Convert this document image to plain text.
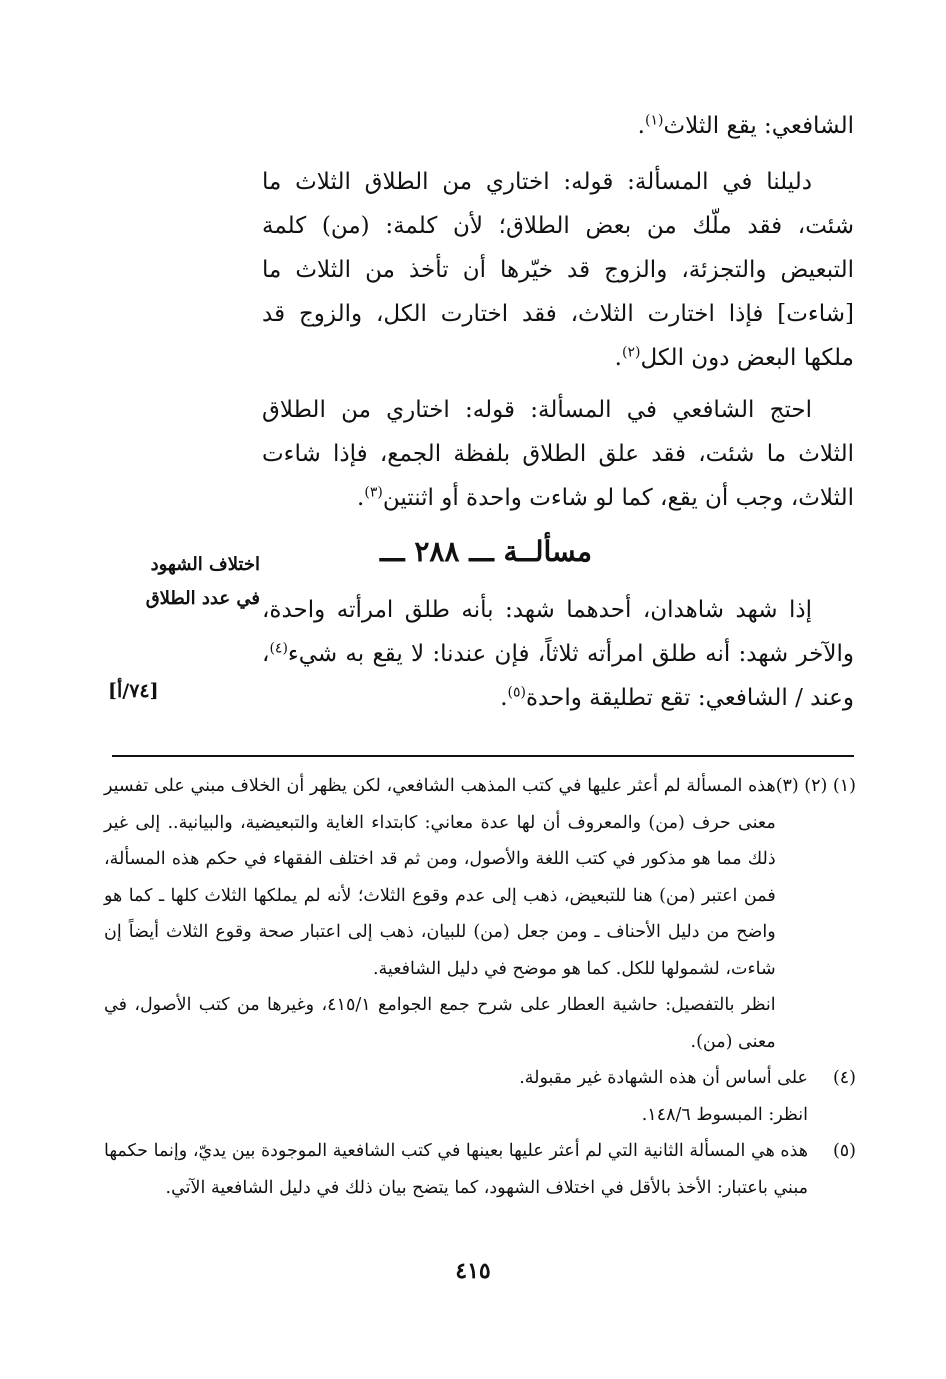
الشافعي: يقع الثلاث$^{(١)}$.

دليلنا في المسألة: قوله: اختاري من الطلاق الثلاث ما شئت، فقد ملّك من بعض الطلاق؛ لأن كلمة: (من) كلمة التبعيض والتجزئة، والزوج قد خيّرها أن تأخذ من الثلاث ما [شاءت] فإذا اختارت الثلاث، فقد اختارت الكل، والزوج قد ملكها البعض دون الكل$^{(٢)}$.

احتج الشافعي في المسألة: قوله: اختاري من الطلاق الثلاث ما شئت، فقد علق الطلاق بلفظة الجمع، فإذا شاءت الثلاث، وجب أن يقع، كما لو شاءت واحدة أو اثنتين$^{(٣)}$.

مسألــة ـــ ٢٨٨ ـــ
اختلاف الشهود
في عدد الطلاق إذا شهد شاهدان، أحدهما شهد: بأنه طلق امرأته واحدة، والآخر شهد: أنه طلق امرأته ثلاثاً، فإن عندنا: لا يقع به شيء$^{(٤)}$، وعند / الشافعي: تقع تطليقة واحدة$^{(٥)}$.

[٧٤/أ]
(١) (٢) (٣)

هذه المسألة لم أعثر عليها في كتب المذهب الشافعي، لكن يظهر أن الخلاف مبني على تفسير معنى حرف (من) والمعروف أن لها عدة معاني: كابتداء الغاية والتبعيضية، والبيانية.. إلى غير ذلك مما هو مذكور في كتب اللغة والأصول، ومن ثم قد اختلف الفقهاء في حكم هذه المسألة، فمن اعتبر (من) هنا للتبعيض، ذهب إلى عدم وقوع الثلاث؛ لأنه لم يملكها الثلاث كلها ـ كما هو واضح من دليل الأحناف ـ ومن جعل (من) للبيان، ذهب إلى اعتبار صحة وقوع الثلاث أيضاً إن شاءت، لشمولها للكل. كما هو موضح في دليل الشافعية.

انظر بالتفصيل: حاشية العطار على شرح جمع الجوامع ٤١٥/١، وغيرها من كتب الأصول، في معنى (من).

(٤)

على أساس أن هذه الشهادة غير مقبولة.

انظر: المبسوط ١٤٨/٦.

(٥)

هذه هي المسألة الثانية التي لم أعثر عليها بعينها في كتب الشافعية الموجودة بين يديّ، وإنما حكمها مبني باعتبار: الأخذ بالأقل في اختلاف الشهود، كما يتضح بيان ذلك في دليل الشافعية الآتي.

٤١٥
